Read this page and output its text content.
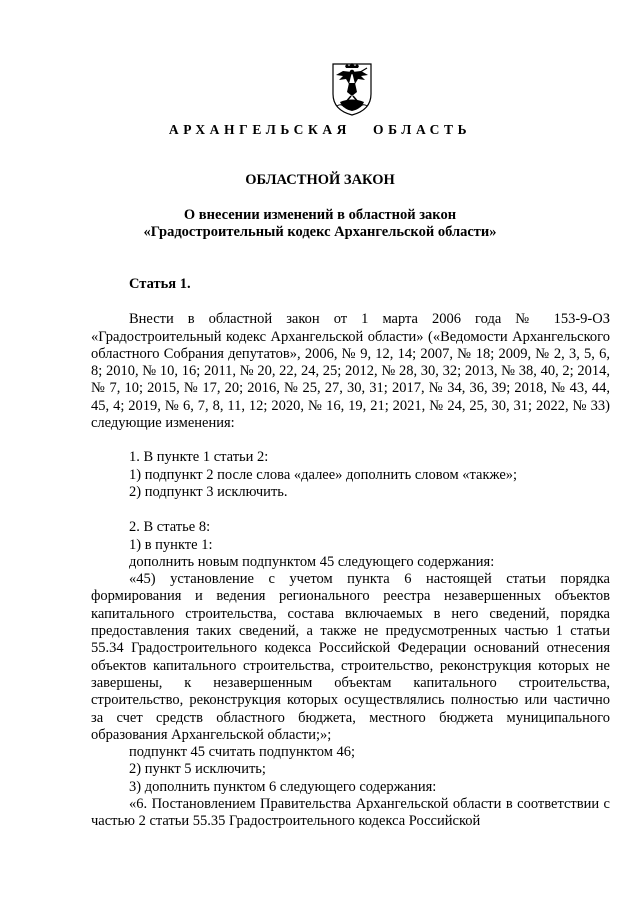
АРХАНГЕЛЬСКАЯ ОБЛАСТЬ
ОБЛАСТНОЙ ЗАКОН
О внесении изменений в областной закон
«Градостроительный кодекс Архангельской области»

Статья 1.

Внести в областной закон от 1 марта 2006 года № 153-9-ОЗ «Градостроительный кодекс Архангельской области» («Ведомости Архангельского областного Собрания депутатов», 2006, № 9, 12, 14; 2007, № 18; 2009, № 2, 3, 5, 6, 8; 2010, № 10, 16; 2011, № 20, 22, 24, 25; 2012, № 28, 30, 32; 2013, № 38, 40, 2; 2014, № 7, 10; 2015, № 17, 20; 2016, № 25, 27, 30, 31; 2017, № 34, 36, 39; 2018, № 43, 44, 45, 4; 2019, № 6, 7, 8, 11, 12; 2020, № 16, 19, 21; 2021, № 24, 25, 30, 31; 2022, № 33) следующие изменения:

1. В пункте 1 статьи 2:

1) подпункт 2 после слова «далее» дополнить словом «также»;

2) подпункт 3 исключить.

2. В статье 8:

1) в пункте 1:

дополнить новым подпунктом 45 следующего содержания:

«45) установление с учетом пункта 6 настоящей статьи порядка формирования и ведения регионального реестра незавершенных объектов капитального строительства, состава включаемых в него сведений, порядка предоставления таких сведений, а также не предусмотренных частью 1 статьи 55.34 Градостроительного кодекса Российской Федерации оснований отнесения объектов капитального строительства, строительство, реконструкция которых не завершены, к незавершенным объектам капитального строительства, строительство, реконструкция которых осуществлялись полностью или частично за счет средств областного бюджета, местного бюджета муниципального образования Архангельской области;»;

подпункт 45 считать подпунктом 46;

2) пункт 5 исключить;

3) дополнить пунктом 6 следующего содержания:

«6. Постановлением Правительства Архангельской области в соответствии с частью 2 статьи 55.35 Градостроительного кодекса Российской
